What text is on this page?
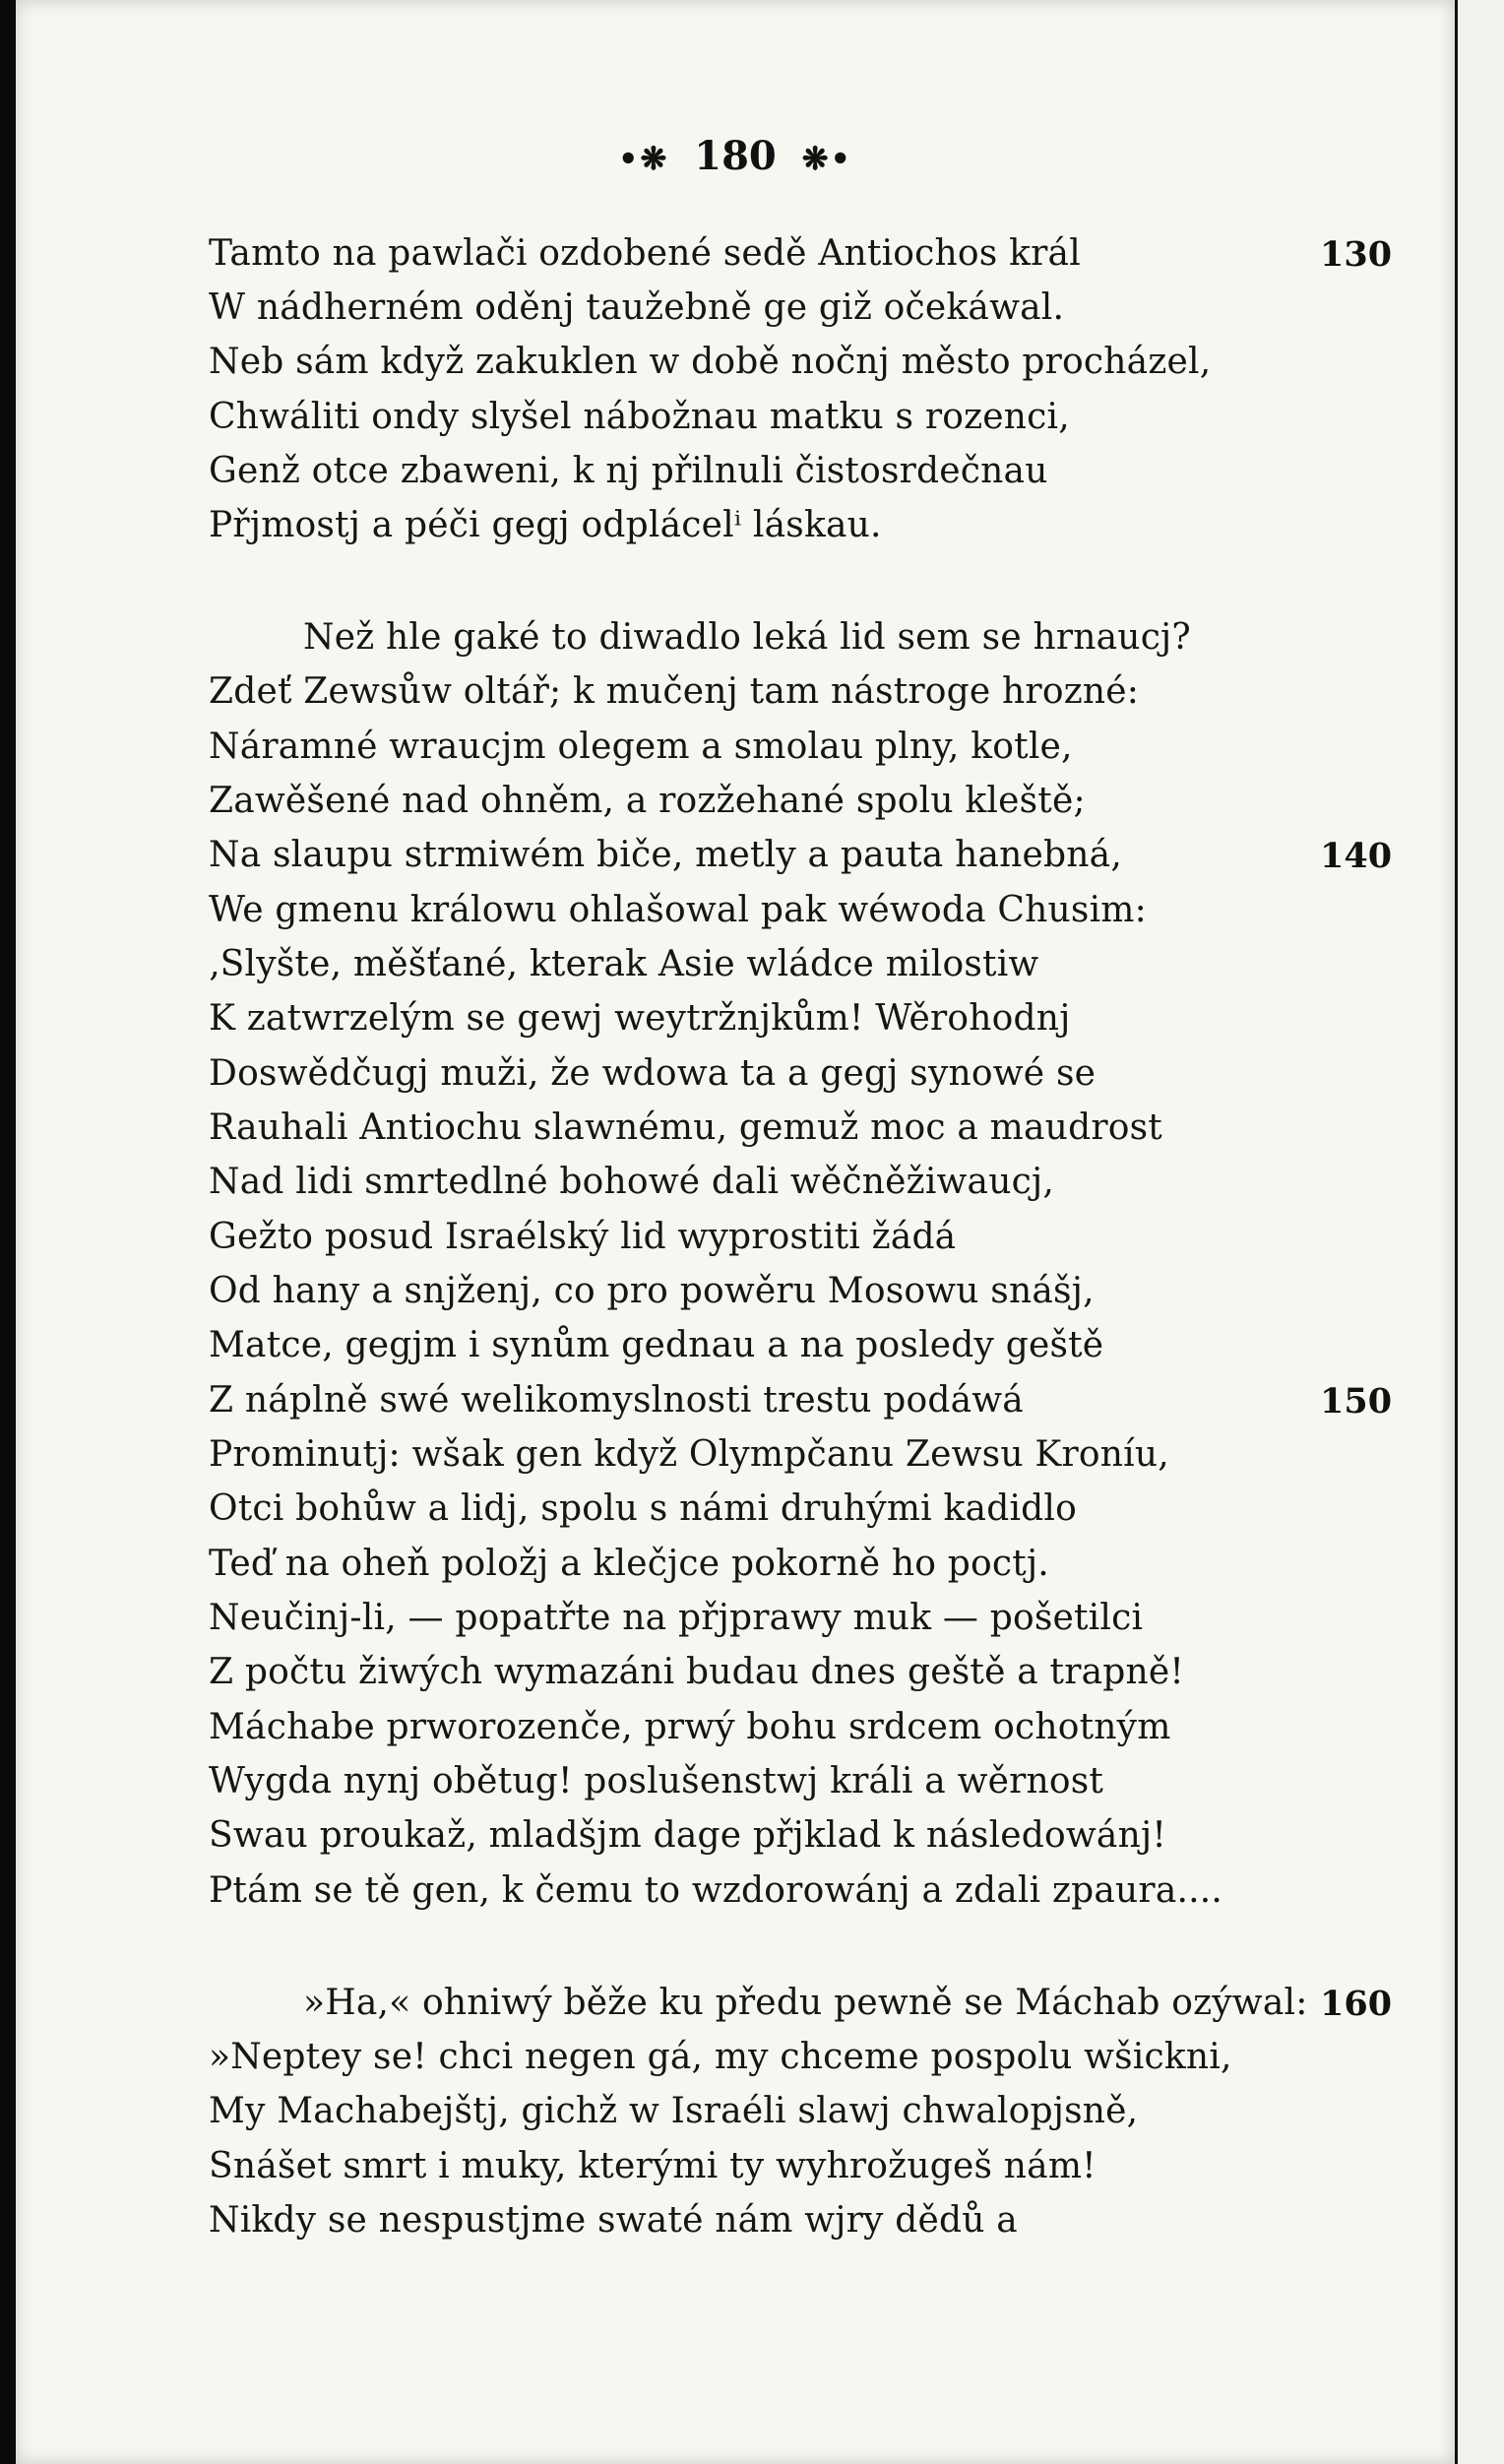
•❋ 180 ❋•
Tamto na pawlači ozdobené sedě Antiochos král
W nádherném oděnj taužebně ge giž očekáwal.
Neb sám když zakuklen w době nočnj město procházel,
Chwáliti ondy slyšel nábožnau matku s rozenci,
Genž otce zbaweni, k nj přilnuli čistosrdečnau
Přjmostj a péči gegj odplácelⁱ láskau.
Než hle gaké to diwadlo leká lid sem se hrnaucj?
Zdeť Zewsůw oltář; k mučenj tam nástroge hrozné:
Náramné wraucjm olegem a smolau plny, kotle,
Zawěšené nad ohněm, a rozžehané spolu kleště;
Na slaupu strmiwém biče, metly a pauta hanebná,
We gmenu králowu ohlašowal pak wéwoda Chusim:
‚Slyšte, měšťané, kterak Asie wládce milostiw
K zatwrzelým se gewj weytržnjkům! Wěrohodnj
Doswědčugj muži, že wdowa ta a gegj synowé se
Rauhali Antiochu slawnému, gemuž moc a maudrost
Nad lidi smrtedlné bohowé dali wěčněžiwaucj,
Gežto posud Israélský lid wyprostiti žádá
Od hany a snjženj, co pro powěru Mosowu snášj,
Matce, gegjm i synům gednau a na posledy geště
Z náplně swé welikomyslnosti trestu podáwá
Prominutj: wšak gen když Olympčanu Zewsu Kroníu,
Otci bohůw a lidj, spolu s námi druhými kadidlo
Teď na oheň položj a klečjce pokorně ho poctj.
Neučinj-li, — popatřte na přjprawy muk — pošetilci
Z počtu žiwých wymazáni budau dnes geště a trapně!
Máchabe prworozenče, prwý bohu srdcem ochotným
Wygda nynj obětug! poslušenstwj králi a wěrnost
Swau proukaž, mladšjm dage přjklad k následowánj!
Ptám se tě gen, k čemu to wzdorowánj a zdali zpaura....
»Ha,« ohniwý běže ku předu pewně se Máchab ozýwal:
»Neptey se! chci negen gá, my chceme pospolu wšickni,
My Machabejštj, gichž w Israéli slawj chwalopjsně,
Snášet smrt i muky, kterými ty wyhrožugeš nám!
Nikdy se nespustjme swaté nám wjry dědů a
130
140
150
160
